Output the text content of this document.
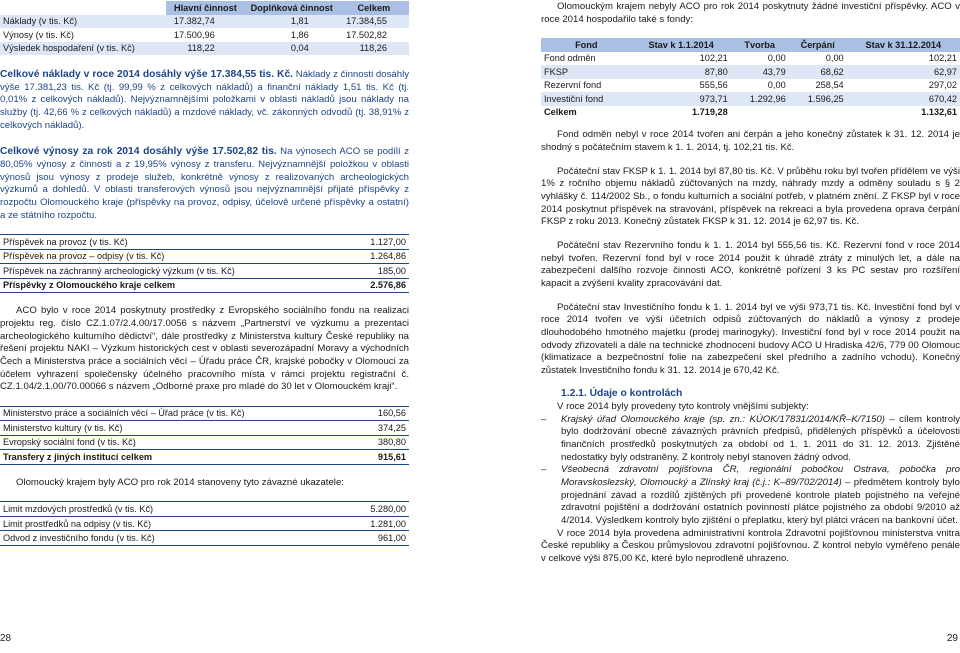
	Hlavní činnost	Doplňková činnost	Celkem
Náklady (v tis. Kč)	17.382,74	1,81	17.384,55
Výnosy (v tis. Kč)	17.500,96	1,86	17.502,82
Výsledek hospodaření (v tis. Kč)	118,22	0,04	118,26

Celkové náklady v roce 2014 dosáhly výše 17.384,55 tis. Kč. Náklady z činnosti dosáhly výše 17.381,23 tis. Kč (tj. 99,99 % z celkových nákladů) a finanční náklady 1,51 tis. Kč (tj. 0,01% z celkových nákladů). Nejvýznamnějšími položkami v oblasti nákladů jsou náklady na služby (tj. 42,66 % z celkových nákladů) a mzdové náklady, vč. zákonných odvodů (tj. 38,91% z celkových nákladů).

Celkové výnosy za rok 2014 dosáhly výše 17.502,82 tis. Na výnosech ACO se podílí z 80,05% výnosy z činnosti a z 19,95% výnosy z transferu. Nejvýznamnější položkou v oblasti výnosů jsou výnosy z prodeje služeb, konkrétně výnosy z realizovaných archeologických výzkumů a dohledů. V oblasti transferových výnosů jsou nejvýznamnější přijaté příspěvky z rozpočtu Olomouckého kraje (příspěvky na provoz, odpisy, účelově určené příspěvky a ostatní) a ze státního rozpočtu.

Příspěvek na provoz (v tis. Kč)	1.127,00
Příspěvek na provoz – odpisy (v tis. Kč)	1.264,86
Příspěvek na záchranný archeologický výzkum (v tis. Kč)	185,00
Příspěvky z Olomouckého kraje celkem	2.576,86

ACO bylo v roce 2014 poskytnuty prostředky z Evropského sociálního fondu na realizaci projektu reg. číslo CZ.1.07/2.4.00/17.0056 s názvem „Partnerství ve výzkumu a prezentaci archeologického kulturního dědictví“, dále prostředky z Ministerstva kultury České republiky na řešení projektu NAKI – Výzkum historických cest v oblasti severozápadní Moravy a východních Čech a Ministerstva práce a sociálních věcí – Úřadu práce ČR, krajské pobočky v Olomouci za účelem vyhrazení společensky účelného pracovního místa v rámci projektu registrační č. CZ.1.04/2.1.00/70.00066 s názvem „Odborné praxe pro mladé do 30 let v Olomouckém kraji“.

Ministerstvo práce a sociálních věcí – Úřad práce (v tis. Kč)	160,56
Ministerstvo kultury (v tis. Kč)	374,25
Evropský sociální fond (v tis. Kč)	380,80
Transfery z jiných institucí celkem	915,61

Olomoucký krajem byly ACO pro rok 2014 stanoveny tyto závazné ukazatele:

Limit mzdových prostředků (v tis. Kč)	5.280,00
Limit prostředků na odpisy (v tis. Kč)	1.281,00
Odvod z investičního fondu (v tis. Kč)	961,00

Olomouckým krajem nebyly ACO pro rok 2014 poskytnuty žádné investiční příspěvky. ACO v roce 2014 hospodařilo také s fondy:

Fond	Stav k 1.1.2014	Tvorba	Čerpání	Stav k 31.12.2014
Fond odměn	102,21	0,00	0,00	102,21
FKSP	87,80	43,79	68,62	62,97
Rezervní fond	555,56	0,00	258,54	297,02
Investiční fond	973,71	1.292,96	1.596,25	670,42
Celkem	1.719,28			1.132,61

Fond odměn nebyl v roce 2014 tvořen ani čerpán a jeho konečný zůstatek k 31. 12. 2014 je shodný s počátečním stavem k 1. 1. 2014, tj. 102,21 tis. Kč.

Počáteční stav FKSP k 1. 1. 2014 byl 87,80 tis. Kč. V průběhu roku byl tvořen přídělem ve výši 1% z ročního objemu nákladů zúčtovaných na mzdy, náhrady mzdy a odměny souladu s § 2 vyhlášky č. 114/2002 Sb., o fondu kulturních a sociální potřeb, v platném znění. Z FKSP byl v roce 2014 poskytnut příspěvek na stravování, příspěvek na rekreaci a byla provedena oprava čerpání FKSP z roku 2013. Konečný zůstatek FKSP k 31. 12. 2014 je 62,97 tis. Kč.

Počáteční stav Rezervního fondu k 1. 1. 2014 byl 555,56 tis. Kč. Rezervní fond v roce 2014 nebyl tvořen. Rezervní fond byl v roce 2014 použit k úhradě ztráty z minulých let, a dále na zabezpečení dalšího rozvoje činnosti ACO, konkrétně pořízení 3 ks PC sestav pro rozšíření kapacit a zvýšení kvality zpracovávání dat.

Počáteční stav Investičního fondu k 1. 1. 2014 byl ve výši 973,71 tis. Kč. Investiční fond byl v roce 2014 tvořen ve výši účetních odpisů zúčtovaných do nákladů a výnosy z prodeje dlouhodobého hmotného majetku (prodej marinogyky). Investiční fond byl v roce 2014 použit na odvody zřizovateli a dále na technické zhodnocení budovy ACO U Hradiska 42/6, 779 00 Olomouc (klimatizace a bezpečnostní folie na zabezpečení skel předního a zadního vchodu). Konečný zůstatek Investičního fondu k 31. 12. 2014 je 670,42 Kč.

1.2.1. Údaje o kontrolách

V roce 2014 byly provedeny tyto kontroly vnějšími subjekty:

– Krajský úřad Olomouckého kraje (sp. zn.: KÚOK/17831/2014/KŘ–K/7150) – cílem kontroly bylo dodržování obecně závazných právních předpisů, přidělených příspěvků a účelovosti finančních prostředků poskytnutých za období od 1. 1. 2011 do 31. 12. 2013. Zjištěné nedostatky byly odstraněny. Z kontroly nebyl stanoven žádný odvod.
– Všeobecná zdravotní pojišťovna ČR, regionální pobočkou Ostrava, pobočka pro Moravskoslezský, Olomoucký a Zlínský kraj (č.j.: K–89/702/2014) – předmětem kontroly bylo projednání závad a rozdílů zjištěných při provedené kontrole plateb pojistného na veřejné zdravotní pojištění a dodržování ostatních povinností plátce pojistného za období 9/2010 až 4/2014. Výsledkem kontroly bylo zjištění o přeplatku, který byl plátci vrácen na bankovní účet.

V roce 2014 byla provedena administrativní kontrola Zdravotní pojišťovnou ministerstva vnitra České republiky a Českou průmyslovou zdravotní pojišťovnou. Z kontrol nebylo vyměřeno penále v celkové výši 875,00 Kč, které bylo neprodleně uhrazeno.

28	29
